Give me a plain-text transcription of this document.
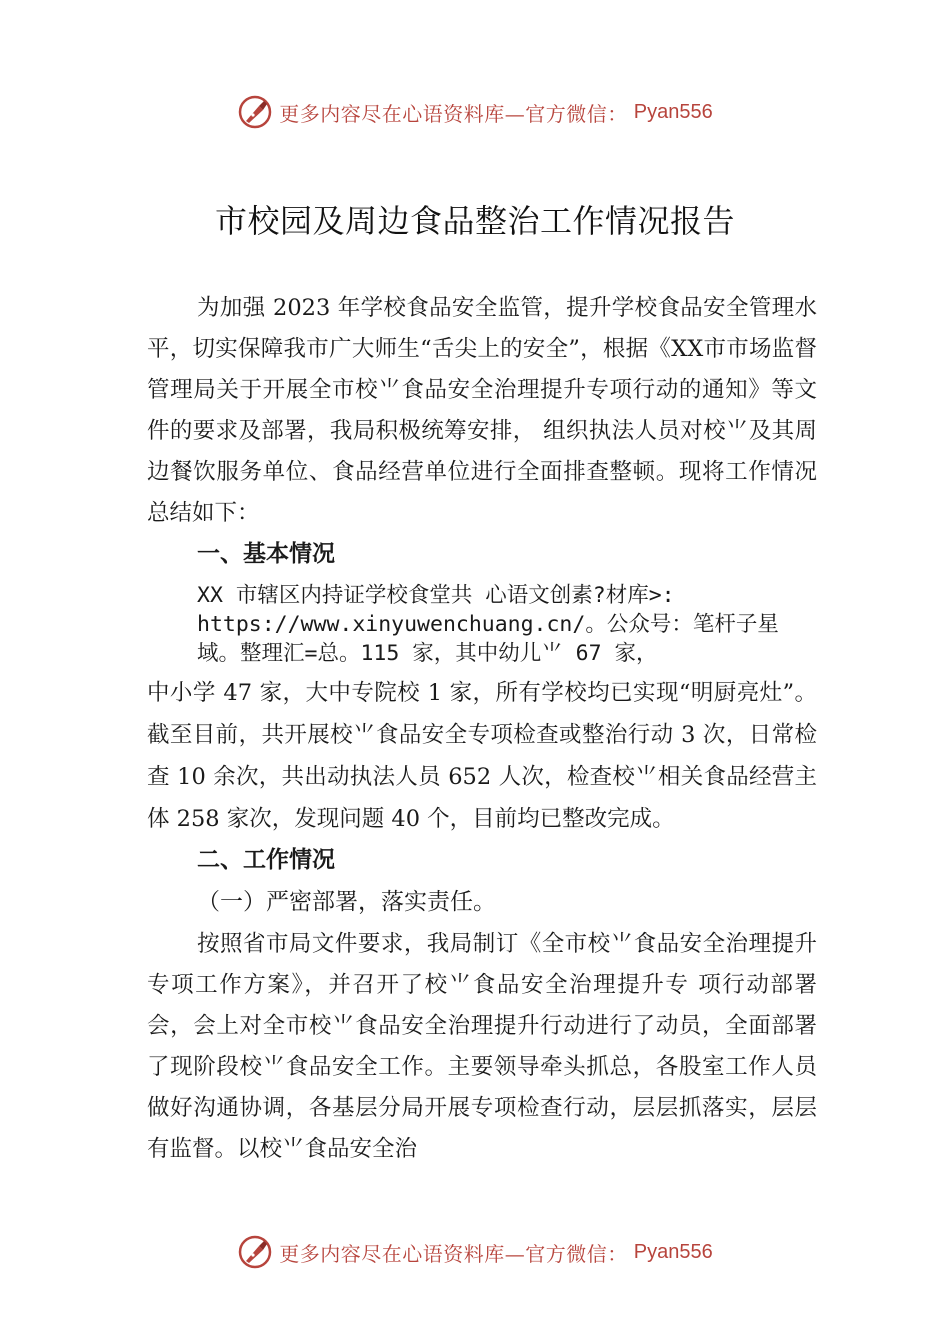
更多内容尽在心语资料库—官方微信： Pyan556
市校园及周边食品整治工作情况报告

为加强 2023 年学校食品安全监管，提升学校食品安全管理水平，切实保障我市广大师生“舌尖上的安全”，根据《XX市市场监督管理局关于开展全市校⺌食品安全治理提升专项行动的通知》等文件的要求及部署，我局积极统筹安排， 组织执法人员对校⺌及其周边餐饮服务单位、食品经营单位进行全面排查整顿。现将工作情况总结如下：

一、基本情况

XX 市辖区内持证学校食堂共 心语文创素?材库>: https://www.xinyuwenchuang.cn/。公众号：笔杆子星域。整理汇=总。115 家，其中幼儿⺌ 67 家，

中小学 47 家，大中专院校 1 家，所有学校均已实现“明厨亮灶”。截至目前，共开展校⺌食品安全专项检查或整治行动 3 次，日常检查 10 余次，共出动执法人员 652 人次，检查校⺌相关食品经营主体 258 家次，发现问题 40 个，目前均已整改完成。

二、工作情况

（一）严密部署，落实责任。

按照省市局文件要求，我局制订《全市校⺌食品安全治理提升专项工作方案》，并召开了校⺌食品安全治理提升专 项行动部署会，会上对全市校⺌食品安全治理提升行动进行了动员，全面部署了现阶段校⺌食品安全工作。主要领导牵头抓总，各股室工作人员做好沟通协调，各基层分局开展专项检查行动，层层抓落实，层层有监督。以校⺌食品安全治

更多内容尽在心语资料库—官方微信： Pyan556
